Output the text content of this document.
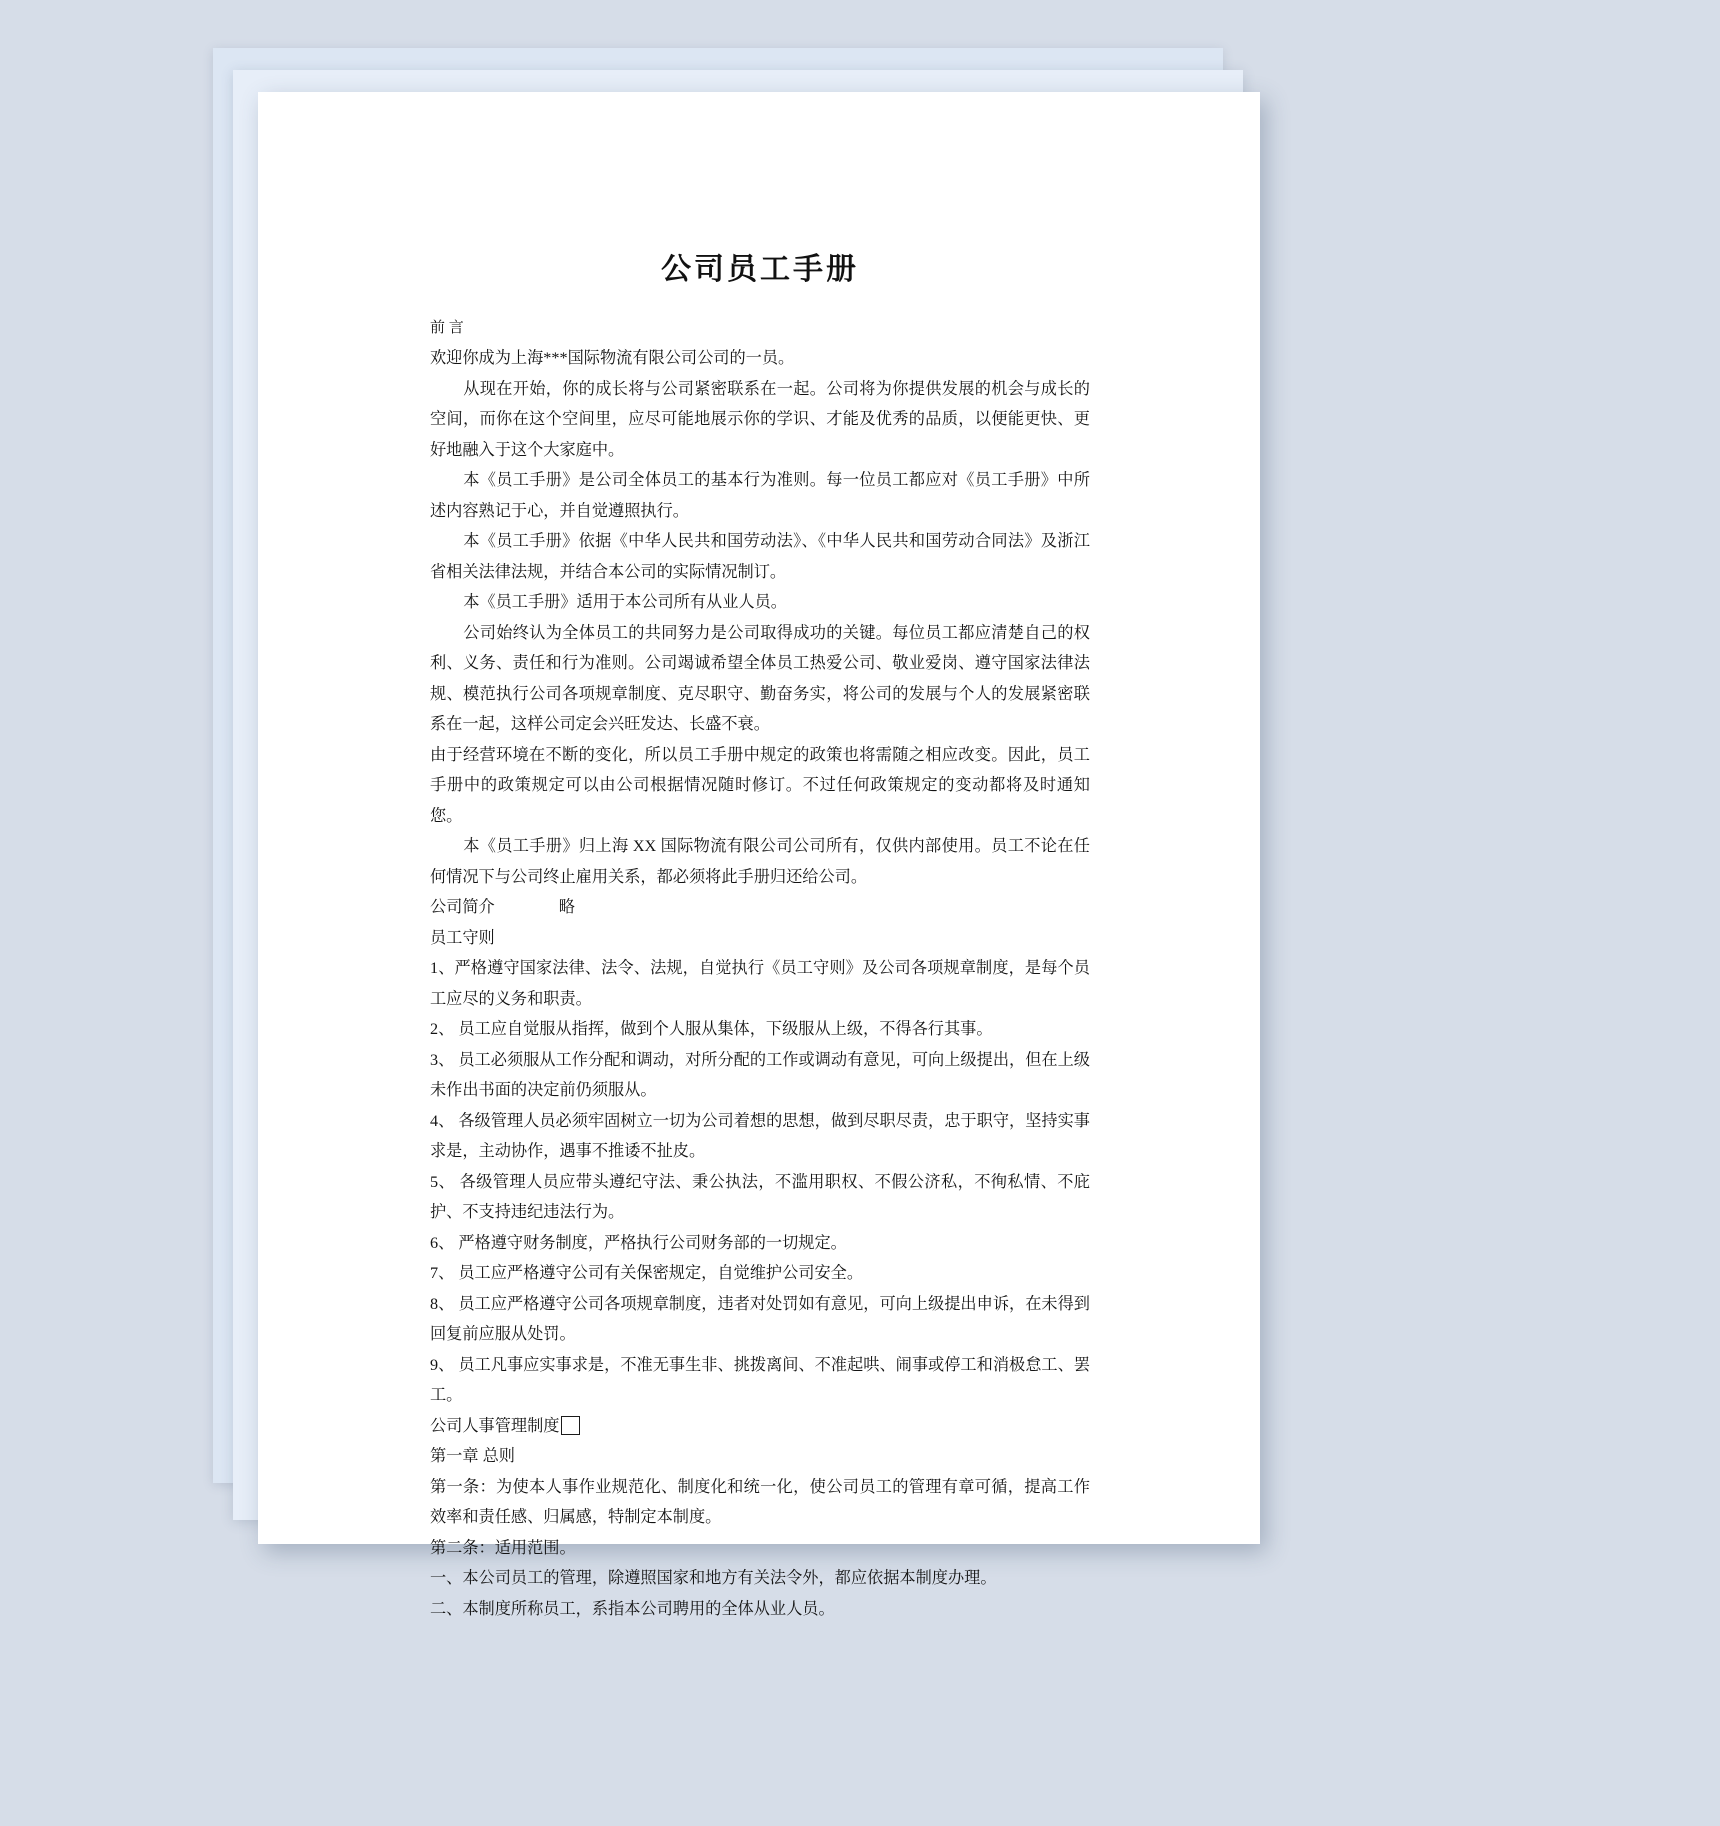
公司员工手册

前 言

欢迎你成为上海***国际物流有限公司公司的一员。

从现在开始，你的成长将与公司紧密联系在一起。公司将为你提供发展的机会与成长的空间，而你在这个空间里，应尽可能地展示你的学识、才能及优秀的品质，以便能更快、更好地融入于这个大家庭中。

本《员工手册》是公司全体员工的基本行为准则。每一位员工都应对《员工手册》中所述内容熟记于心，并自觉遵照执行。

本《员工手册》依据《中华人民共和国劳动法》、《中华人民共和国劳动合同法》及浙江省相关法律法规，并结合本公司的实际情况制订。

本《员工手册》适用于本公司所有从业人员。

公司始终认为全体员工的共同努力是公司取得成功的关键。每位员工都应清楚自己的权利、义务、责任和行为准则。公司竭诚希望全体员工热爱公司、敬业爱岗、遵守国家法律法规、模范执行公司各项规章制度、克尽职守、勤奋务实，将公司的发展与个人的发展紧密联系在一起，这样公司定会兴旺发达、长盛不衰。

由于经营环境在不断的变化，所以员工手册中规定的政策也将需随之相应改变。因此，员工手册中的政策规定可以由公司根据情况随时修订。不过任何政策规定的变动都将及时通知您。

本《员工手册》归上海 XX 国际物流有限公司公司所有，仅供内部使用。员工不论在任何情况下与公司终止雇用关系，都必须将此手册归还给公司。

公司简介	略

员工守则

1、严格遵守国家法律、法令、法规，自觉执行《员工守则》及公司各项规章制度，是每个员工应尽的义务和职责。

2、 员工应自觉服从指挥，做到个人服从集体，下级服从上级，不得各行其事。

3、 员工必须服从工作分配和调动，对所分配的工作或调动有意见，可向上级提出，但在上级未作出书面的决定前仍须服从。

4、 各级管理人员必须牢固树立一切为公司着想的思想，做到尽职尽责，忠于职守，坚持实事求是，主动协作，遇事不推诿不扯皮。

5、 各级管理人员应带头遵纪守法、秉公执法，不滥用职权、不假公济私，不徇私情、不庇护、不支持违纪违法行为。

6、 严格遵守财务制度，严格执行公司财务部的一切规定。

7、 员工应严格遵守公司有关保密规定，自觉维护公司安全。

8、 员工应严格遵守公司各项规章制度，违者对处罚如有意见，可向上级提出申诉，在未得到回复前应服从处罚。

9、 员工凡事应实事求是，不准无事生非、挑拨离间、不准起哄、闹事或停工和消极怠工、罢工。

公司人事管理制度

第一章 总则

第一条：为使本人事作业规范化、制度化和统一化，使公司员工的管理有章可循，提高工作效率和责任感、归属感，特制定本制度。

第二条：适用范围。

一、本公司员工的管理，除遵照国家和地方有关法令外，都应依据本制度办理。

二、本制度所称员工，系指本公司聘用的全体从业人员。
